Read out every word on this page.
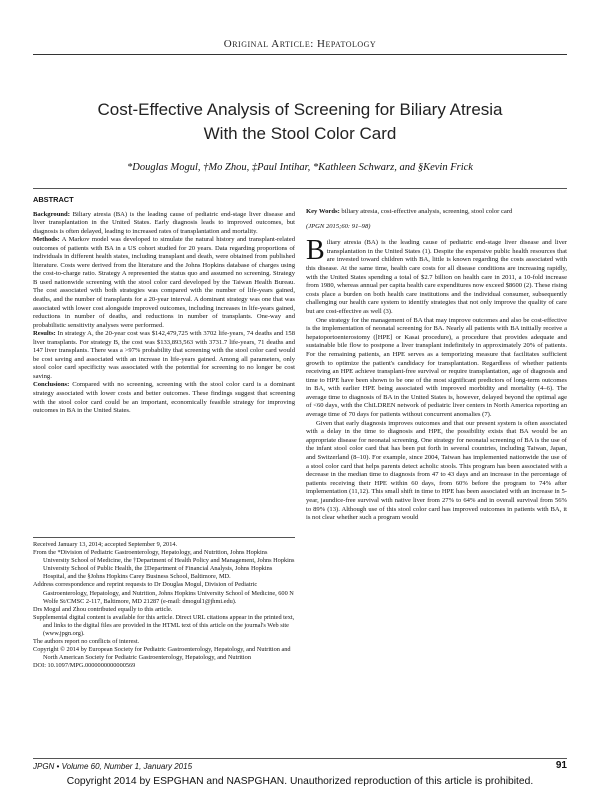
Original Article: Hepatology
Cost-Effective Analysis of Screening for Biliary Atresia
With the Stool Color Card
*Douglas Mogul, †Mo Zhou, ‡Paul Intihar, *Kathleen Schwarz, and §Kevin Frick
ABSTRACT

Background: Biliary atresia (BA) is the leading cause of pediatric end-stage liver disease and liver transplantation in the United States. Early diagnosis leads to improved outcomes, but diagnosis is often delayed, leading to increased rates of transplantation and mortality.

Methods: A Markov model was developed to simulate the natural history and transplant-related outcomes of patients with BA in a US cohort studied for 20 years. Data regarding proportions of individuals in different health states, including transplant and death, were obtained from published literature. Costs were derived from the literature and the Johns Hopkins database of charges using the cost-to-charge ratio. Strategy A represented the status quo and assumed no screening. Strategy B used nationwide screening with the stool color card developed by the Taiwan Health Bureau. The cost associated with both strategies was compared with the number of life-years gained, deaths, and the number of transplants for a 20-year interval. A dominant strategy was one that was associated with lower cost alongside improved outcomes, including increases in life-years gained, reductions in number of deaths, and reductions in number of transplants. One-way and probabilistic sensitivity analyses were performed.

Results: In strategy A, the 20-year cost was $142,479,725 with 3702 life-years, 74 deaths and 158 liver transplants. For strategy B, the cost was $133,893,563 with 3731.7 life-years, 71 deaths and 147 liver transplants. There was a >97% probability that screening with the stool color card would be cost saving and associated with an increase in life-years gained. Among all parameters, only stool color card specificity was associated with the potential for screening to no longer be cost saving.

Conclusions: Compared with no screening, screening with the stool color card is a dominant strategy associated with lower costs and better outcomes. These findings suggest that screening with the stool color card could be an important, economically feasible strategy for improving outcomes in BA in the United States.

Received January 13, 2014; accepted September 9, 2014.

From the *Division of Pediatric Gastroenterology, Hepatology, and Nutrition, Johns Hopkins University School of Medicine, the †Department of Health Policy and Management, Johns Hopkins University School of Public Health, the ‡Department of Financial Analysis, Johns Hopkins Hospital, and the §Johns Hopkins Carey Business School, Baltimore, MD.

Address correspondence and reprint requests to Dr Douglas Mogul, Division of Pediatric Gastroenterology, Hepatology, and Nutrition, Johns Hopkins University School of Medicine, 600 N Wolfe St/CMSC 2-117, Baltimore, MD 21287 (e-mail: dmogul1@jhmi.edu).

Drs Mogul and Zhou contributed equally to this article.

Supplemental digital content is available for this article. Direct URL citations appear in the printed text, and links to the digital files are provided in the HTML text of this article on the journal's Web site (www.jpgn.org).

The authors report no conflicts of interest.

Copyright © 2014 by European Society for Pediatric Gastroenterology, Hepatology, and Nutrition and North American Society for Pediatric Gastroenterology, Hepatology, and Nutrition

DOI: 10.1097/MPG.0000000000000569

Key Words: biliary atresia, cost-effective analysis, screening, stool color card

(JPGN 2015;60: 91–98)

Biliary atresia (BA) is the leading cause of pediatric end-stage liver disease and liver transplantation in the United States (1). Despite the expensive public health resources that are invested toward children with BA, little is known regarding the costs associated with this disease. At the same time, health care costs for all disease conditions are increasing rapidly, with the United States spending a total of $2.7 billion on health care in 2011, a 10-fold increase from 1980, whereas annual per capita health care expenditures now exceed $8600 (2). These rising costs place a burden on both health care institutions and the individual consumer, subsequently challenging our health care system to identify strategies that not only improve the quality of care but are cost-effective as well (3).

One strategy for the management of BA that may improve outcomes and also be cost-effective is the implementation of neonatal screening for BA. Nearly all patients with BA initially receive a hepatoportoenterostomy ([HPE] or Kasai procedure), a procedure that provides adequate and sustainable bile flow to postpone a liver transplant indefinitely in approximately 20% of patients. For the remaining patients, an HPE serves as a temporizing measure that facilitates sufficient growth to optimize the patient's candidacy for transplantation. Regardless of whether patients receiving an HPE achieve transplant-free survival or require transplantation, age of diagnosis and time to HPE have been shown to be one of the most significant predictors of long-term outcomes in BA, with earlier HPE being associated with improved morbidity and mortality (4–6). The average time to diagnosis of BA in the United States is, however, delayed beyond the optimal age of <60 days, with the ChiLDREN network of pediatric liver centers in North America reporting an average time of 70 days for patients without concurrent anomalies (7).

Given that early diagnosis improves outcomes and that our present system is often associated with a delay in the time to diagnosis and HPE, the possibility exists that BA would be an appropriate disease for neonatal screening. One strategy for neonatal screening of BA is the use of the infant stool color card that has been put forth in several countries, including Taiwan, Japan, and Switzerland (8–10). For example, since 2004, Taiwan has implemented nationwide the use of a stool color card that helps parents detect acholic stools. This program has been associated with a decrease in the median time to diagnosis from 47 to 43 days and an increase in the percentage of patients receiving their HPE within 60 days, from 60% before the program to 74% after implementation (11,12). This small shift in time to HPE has been associated with an increase in 5-year, jaundice-free survival with native liver from 27% to 64% and in overall survival from 56% to 89% (13). Although use of this stool color card has improved outcomes in patients with BA, it is not clear whether such a program would

JPGN • Volume 60, Number 1, January 2015	91
Copyright 2014 by ESPGHAN and NASPGHAN. Unauthorized reproduction of this article is prohibited.
